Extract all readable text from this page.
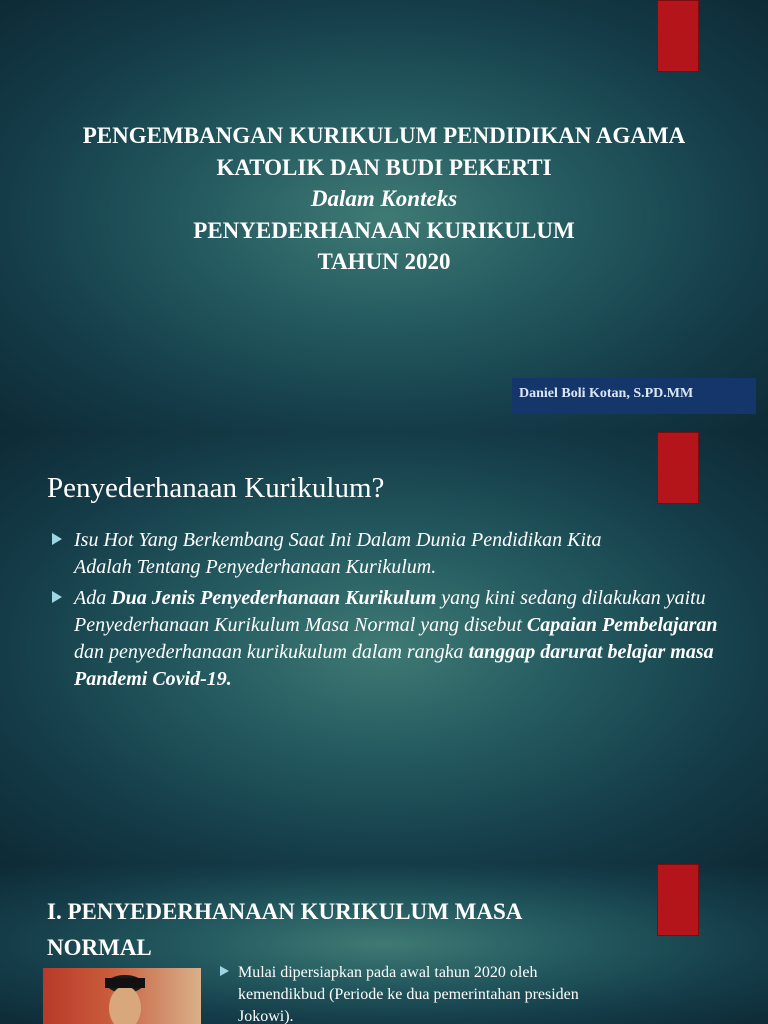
PENGEMBANGAN KURIKULUM PENDIDIKAN AGAMA
KATOLIK DAN BUDI PEKERTI
Dalam Konteks
PENYEDERHANAAN KURIKULUM
TAHUN 2020
Daniel Boli Kotan, S.PD.MM
Penyederhanaan Kurikulum?
Isu Hot Yang Berkembang Saat Ini Dalam Dunia Pendidikan Kita
Adalah Tentang Penyederhanaan Kurikulum.
Ada Dua Jenis Penyederhanaan Kurikulum yang kini sedang dilakukan yaitu Penyederhanaan Kurikulum Masa Normal yang disebut Capaian Pembelajaran dan penyederhanaan kurikukulum dalam rangka tanggap darurat belajar masa Pandemi Covid-19.
I. PENYEDERHANAAN KURIKULUM MASA
NORMAL
Mulai dipersiapkan pada awal tahun 2020 oleh
kemendikbud (Periode ke dua pemerintahan presiden
Jokowi).
